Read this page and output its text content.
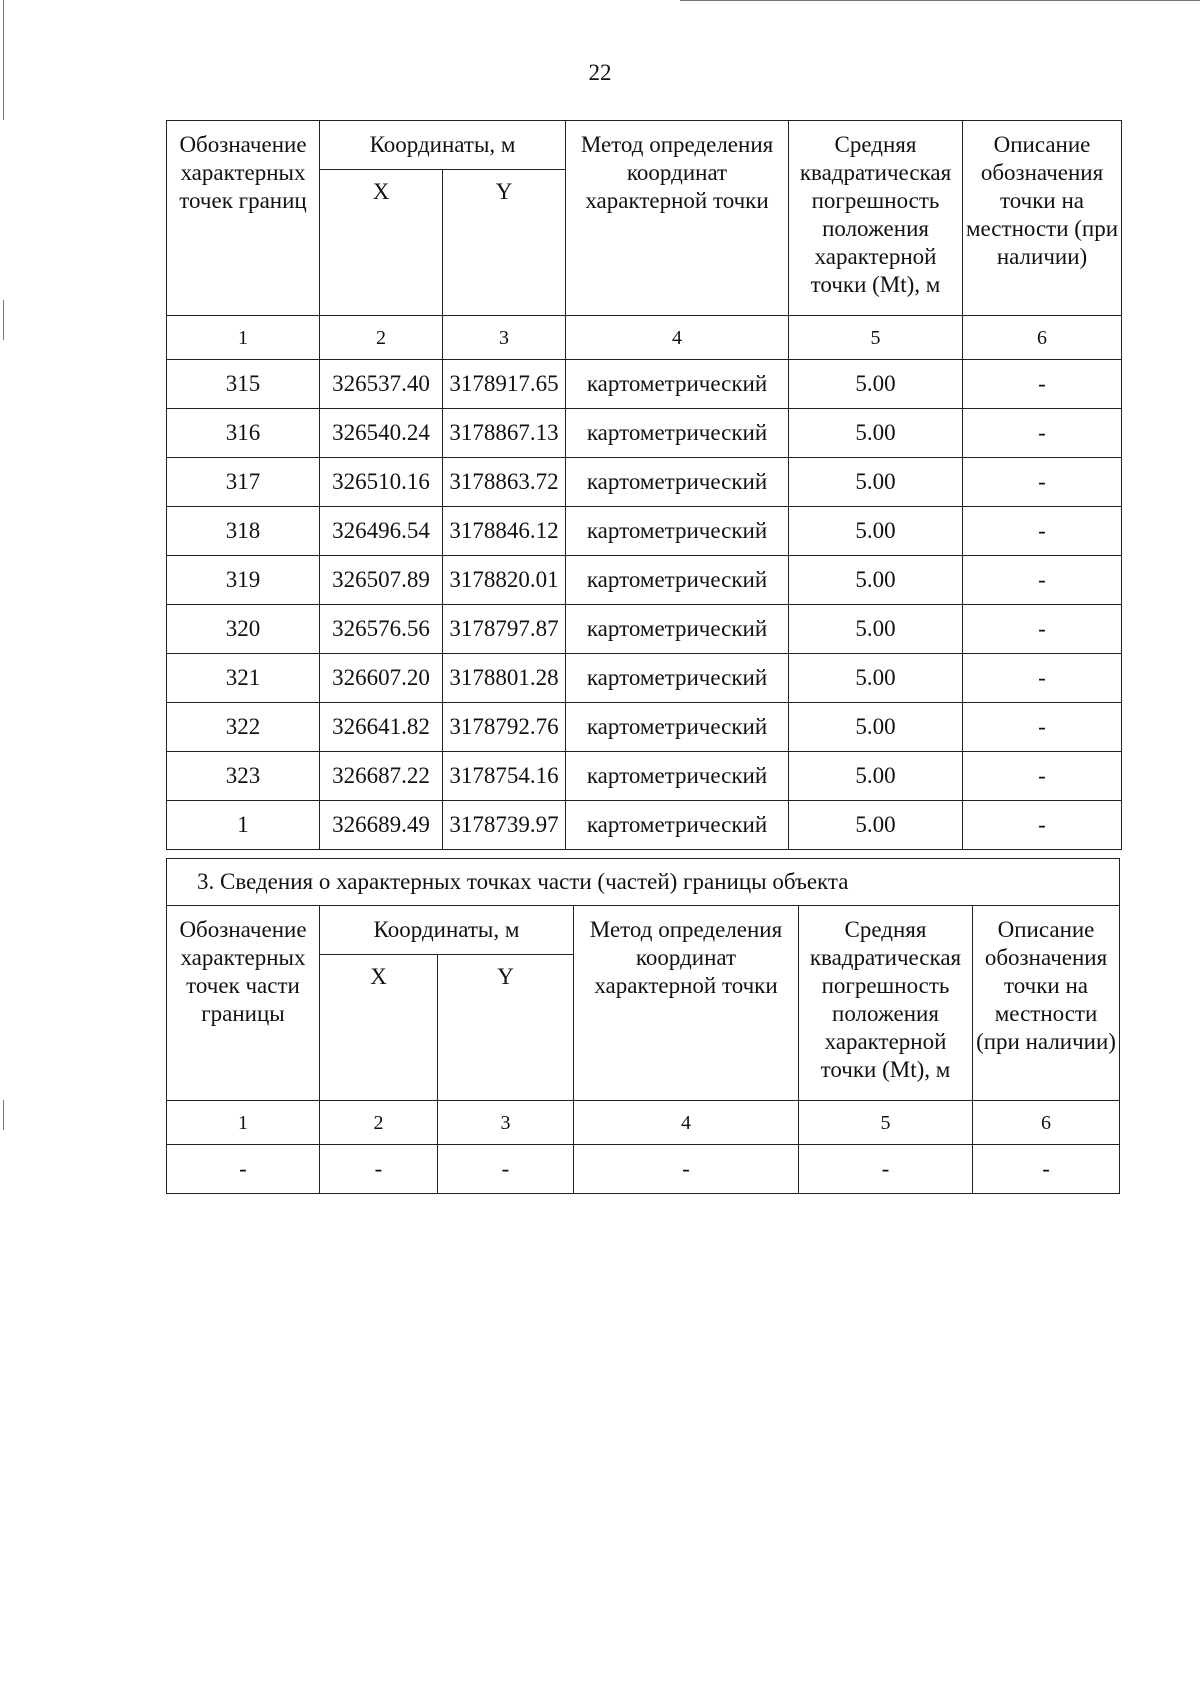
22
Обозначение характерных точек границ	Координаты, м		Метод определения координат характерной точки	Средняя квадратическая погрешность положения характерной точки (Mt), м	Описание обозначения точки на местности (при наличии)
	X	Y			
1	2	3	4	5	6
315	326537.40	3178917.65	картометрический	5.00	-
316	326540.24	3178867.13	картометрический	5.00	-
317	326510.16	3178863.72	картометрический	5.00	-
318	326496.54	3178846.12	картометрический	5.00	-
319	326507.89	3178820.01	картометрический	5.00	-
320	326576.56	3178797.87	картометрический	5.00	-
321	326607.20	3178801.28	картометрический	5.00	-
322	326641.82	3178792.76	картометрический	5.00	-
323	326687.22	3178754.16	картометрический	5.00	-
1	326689.49	3178739.97	картометрический	5.00	-
3. Сведения о характерных точках части (частей) границы объекта					
Обозначение характерных точек части границы	Координаты, м		Метод определения координат характерной точки	Средняя квадратическая погрешность положения характерной точки (Mt), м	Описание обозначения точки на местности (при наличии)
	X	Y			
1	2	3	4	5	6
-	-	-	-	-	-
